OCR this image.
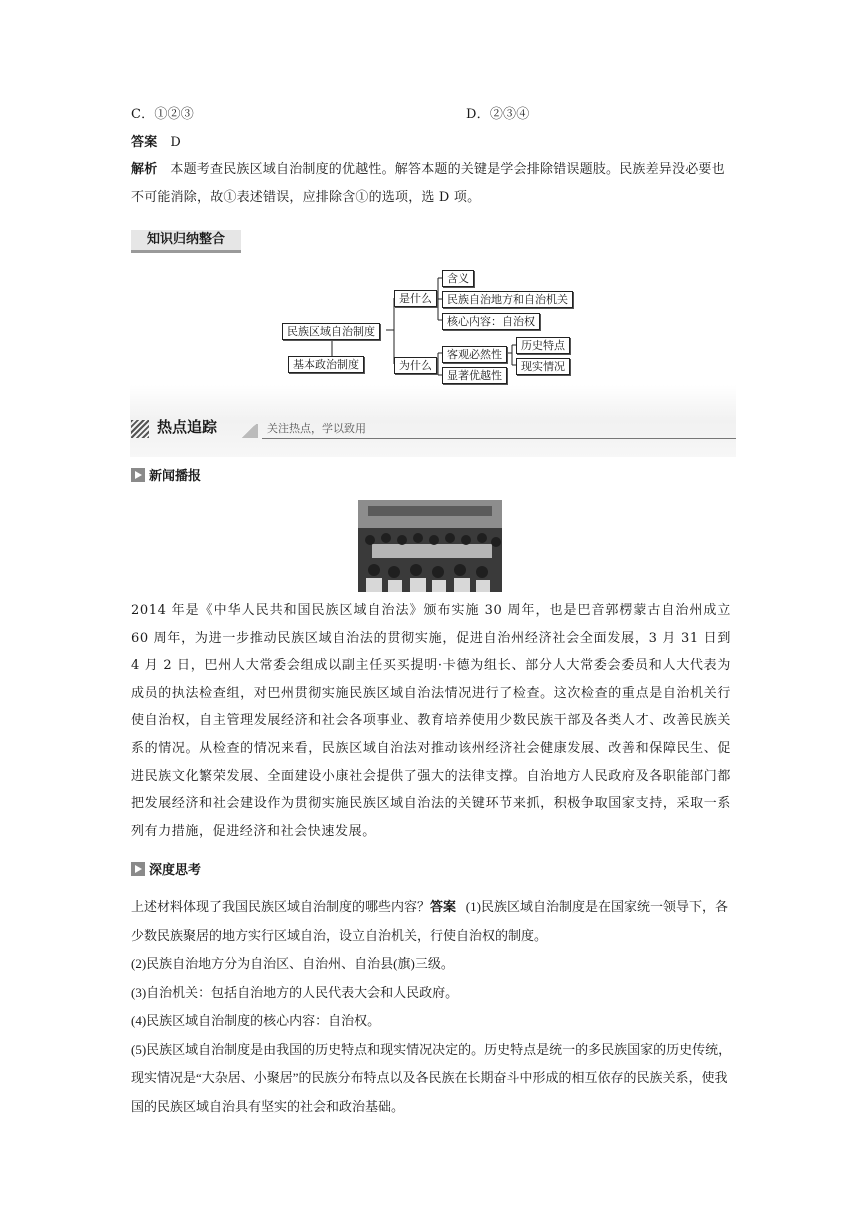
C．①②③	D．②③④
答案 D
解析 本题考查民族区域自治制度的优越性。解答本题的关键是学会排除错误题肢。民族差异没必要也不可能消除，故①表述错误，应排除含①的选项，选 D 项。
知识归纳整合
民族区域自治制度
基本政治制度
是什么
为什么
含义
民族自治地方和自治机关
核心内容：自治权
客观必然性
显著优越性
历史特点
现实情况
热点追踪	关注热点，学以致用
新闻播报
2014 年是《中华人民共和国民族区域自治法》颁布实施 30 周年，也是巴音郭楞蒙古自治州成立 60 周年，为进一步推动民族区域自治法的贯彻实施，促进自治州经济社会全面发展，3 月 31 日到 4 月 2 日，巴州人大常委会组成以副主任买买提明·卡德为组长、部分人大常委会委员和人大代表为成员的执法检查组，对巴州贯彻实施民族区域自治法情况进行了检查。这次检查的重点是自治机关行使自治权，自主管理发展经济和社会各项事业、教育培养使用少数民族干部及各类人才、改善民族关系的情况。从检查的情况来看，民族区域自治法对推动该州经济社会健康发展、改善和保障民生、促进民族文化繁荣发展、全面建设小康社会提供了强大的法律支撑。自治地方人民政府及各职能部门都把发展经济和社会建设作为贯彻实施民族区域自治法的关键环节来抓，积极争取国家支持，采取一系列有力措施，促进经济和社会快速发展。
深度思考
上述材料体现了我国民族区域自治制度的哪些内容？答案 (1)民族区域自治制度是在国家统一领导下，各少数民族聚居的地方实行区域自治，设立自治机关，行使自治权的制度。
(2)民族自治地方分为自治区、自治州、自治县(旗)三级。
(3)自治机关：包括自治地方的人民代表大会和人民政府。
(4)民族区域自治制度的核心内容：自治权。
(5)民族区域自治制度是由我国的历史特点和现实情况决定的。历史特点是统一的多民族国家的历史传统，现实情况是“大杂居、小聚居”的民族分布特点以及各民族在长期奋斗中形成的相互依存的民族关系，使我国的民族区域自治具有坚实的社会和政治基础。
